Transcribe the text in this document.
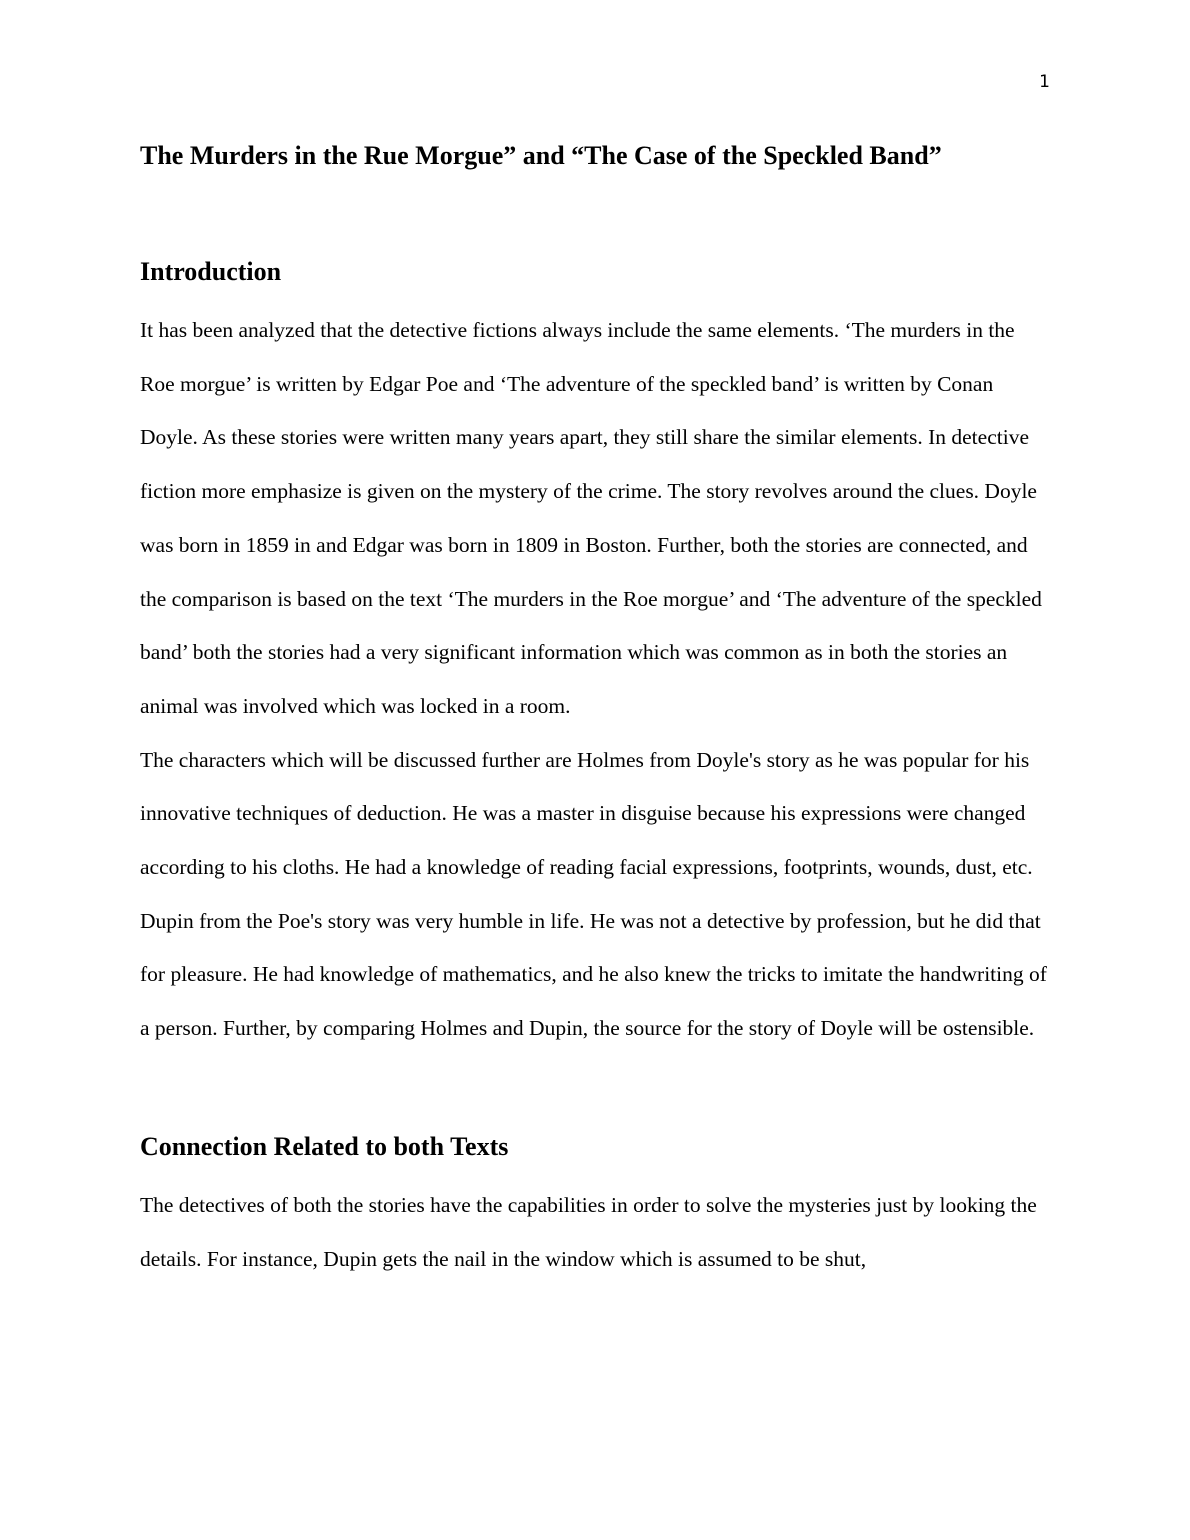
1
The Murders in the Rue Morgue” and “The Case of the Speckled Band”
Introduction

It has been analyzed that the detective fictions always include the same elements. ‘The murders in the Roe morgue’ is written by Edgar Poe and ‘The adventure of the speckled band’ is written by Conan Doyle. As these stories were written many years apart, they still share the similar elements. In detective fiction more emphasize is given on the mystery of the crime. The story revolves around the clues. Doyle was born in 1859 in and Edgar was born in 1809 in Boston. Further, both the stories are connected, and the comparison is based on the text ‘The murders in the Roe morgue’ and ‘The adventure of the speckled band’ both the stories had a very significant information which was common as in both the stories an animal was involved which was locked in a room.

The characters which will be discussed further are Holmes from Doyle's story as he was popular for his innovative techniques of deduction. He was a master in disguise because his expressions were changed according to his cloths. He had a knowledge of reading facial expressions, footprints, wounds, dust, etc. Dupin from the Poe's story was very humble in life. He was not a detective by profession, but he did that for pleasure. He had knowledge of mathematics, and he also knew the tricks to imitate the handwriting of a person. Further, by comparing Holmes and Dupin, the source for the story of Doyle will be ostensible.

Connection Related to both Texts

The detectives of both the stories have the capabilities in order to solve the mysteries just by looking the details. For instance, Dupin gets the nail in the window which is assumed to be shut,
